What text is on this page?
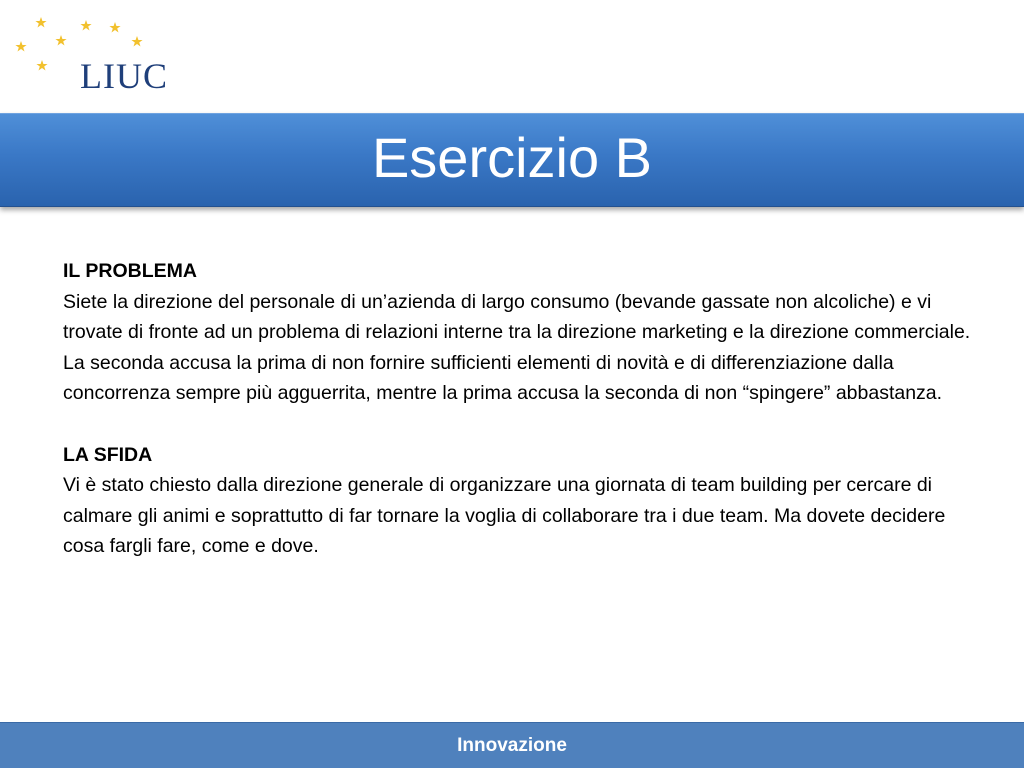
LIUC
Esercizio B
IL PROBLEMA
Siete la direzione del personale di un’azienda di largo consumo (bevande gassate non alcoliche) e vi trovate di fronte ad un problema di relazioni interne tra la direzione marketing e la direzione commerciale. La seconda accusa la prima di non fornire sufficienti elementi di novità e di differenziazione dalla concorrenza sempre più agguerrita, mentre la prima accusa la seconda di non “spingere” abbastanza.
LA SFIDA
Vi è stato chiesto dalla direzione generale di organizzare una giornata di team building per cercare di calmare gli animi e soprattutto di far tornare la voglia di collaborare tra i due team. Ma dovete decidere cosa fargli fare, come e dove.
Innovazione
